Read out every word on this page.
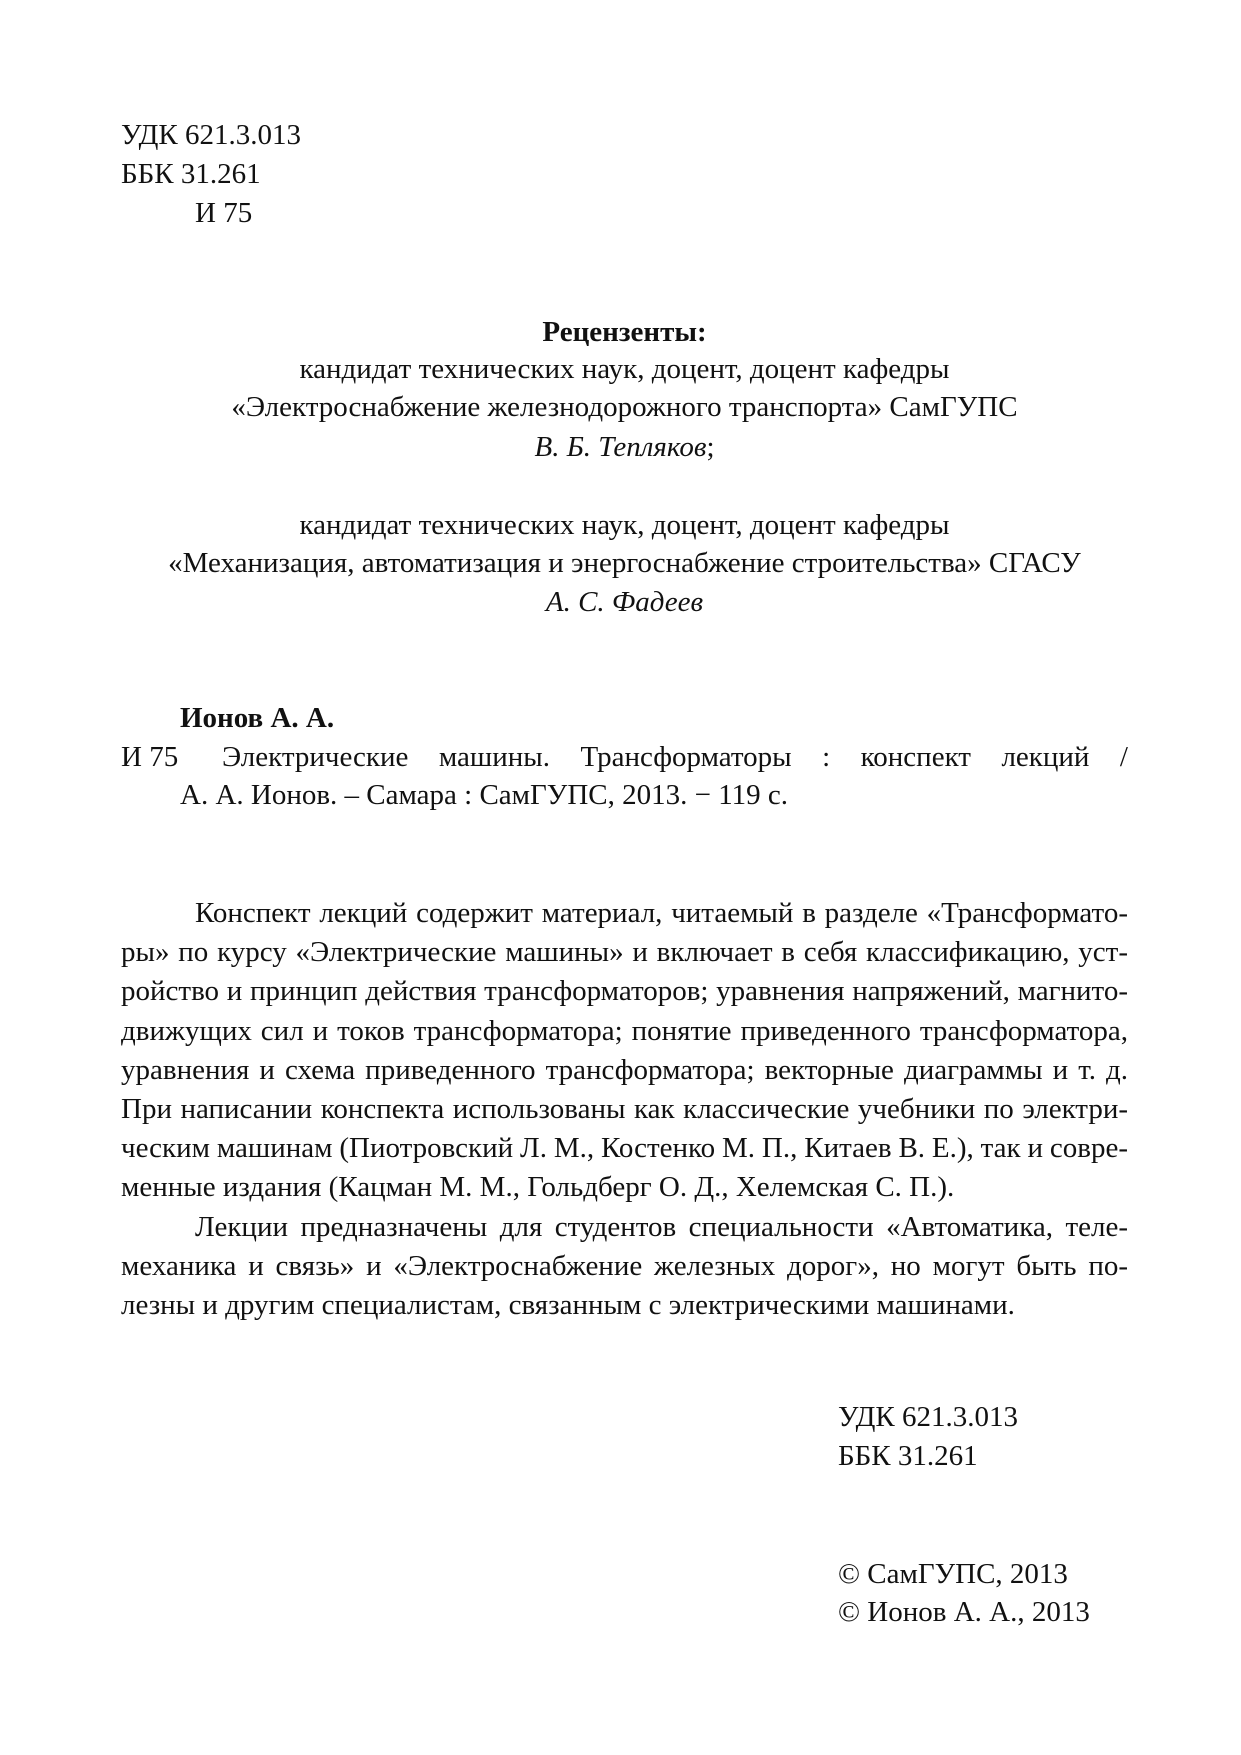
УДК 621.3.013
ББК 31.261
И 75
Рецензенты:
кандидат технических наук, доцент, доцент кафедры
«Электроснабжение железнодорожного транспорта» СамГУПС
В. Б. Тепляков;
кандидат технических наук, доцент, доцент кафедры
«Механизация, автоматизация и энергоснабжение строительства» СГАСУ
А. С. Фадеев
Ионов А. А.
И 75 Электрические машины. Трансформаторы : конспект лекций /
А. А. Ионов. – Самара : СамГУПС, 2013. − 119 с.
Конспект лекций содержит материал, читаемый в разделе «Трансформато-
ры» по курсу «Электрические машины» и включает в себя классификацию, уст-
ройство и принцип действия трансформаторов; уравнения напряжений, магнито-
движущих сил и токов трансформатора; понятие приведенного трансформатора,
уравнения и схема приведенного трансформатора; векторные диаграммы и т. д.
При написании конспекта использованы как классические учебники по электри-
ческим машинам (Пиотровский Л. М., Костенко М. П., Китаев В. Е.), так и совре-
менные издания (Кацман М. М., Гольдберг О. Д., Хелемская С. П.).
Лекции предназначены для студентов специальности «Автоматика, теле-
механика и связь» и «Электроснабжение железных дорог», но могут быть по-
лезны и другим специалистам, связанным с электрическими машинами.
УДК 621.3.013
ББК 31.261
© СамГУПС, 2013
© Ионов А. А., 2013
